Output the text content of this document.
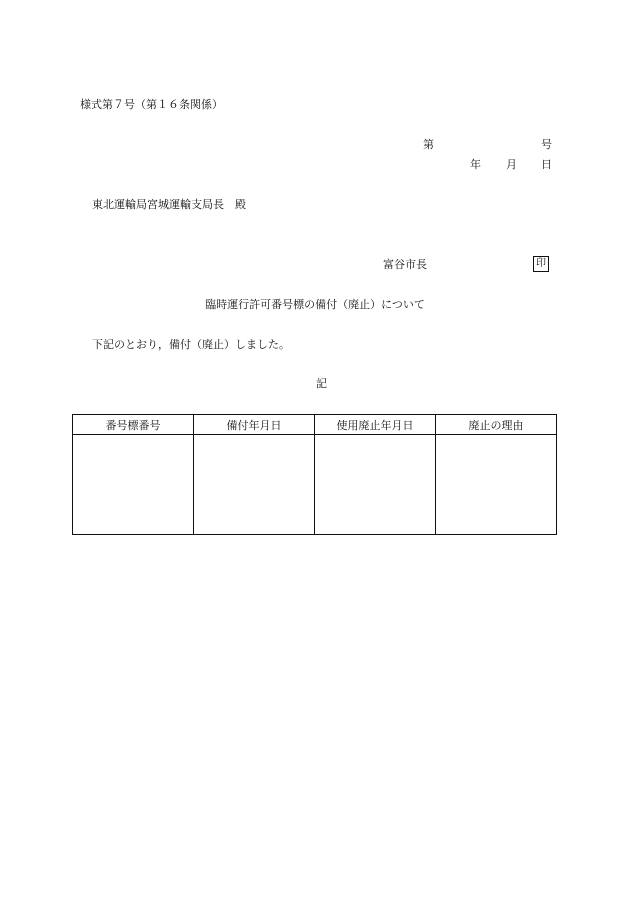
様式第７号（第１６条関係）
第	号
年 月 日
東北運輸局宮城運輸支局長　殿
富谷市長	印
臨時運行許可番号標の備付（廃止）について
下記のとおり，備付（廃止）しました。
記
番号標番号	備付年月日	使用廃止年月日	廃止の理由
